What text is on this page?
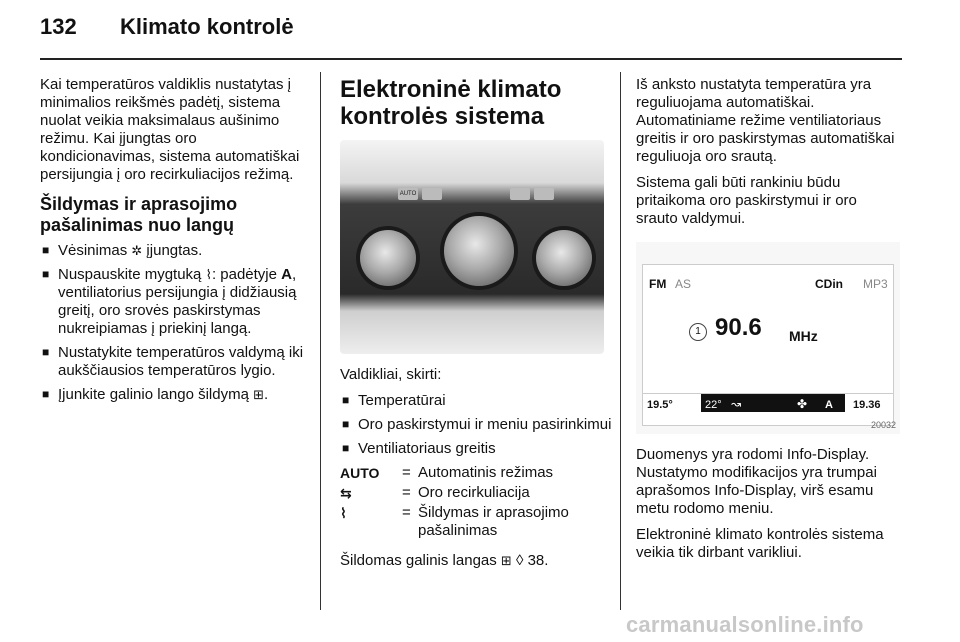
132 Klimato kontrolė

Kai temperatūros valdiklis nustatytas į minimalios reikšmės padėtį, sistema nuolat veikia maksimalaus aušinimo režimu. Kai įjungtas oro kondicionavimas, sistema automatiškai persijungia į oro recirkuliacijos režimą.

Šildymas ir aprasojimo pašalinimas nuo langų
■ Vėsinimas ✲ įjungtas.
■ Nuspauskite mygtuką ⌇: padėtyje A, ventiliatorius persijungia į didžiausią greitį, oro srovės paskirstymas nukreipiamas į priekinį langą.
■ Nustatykite temperatūros valdymą iki aukščiausios temperatūros lygio.
■ Įjunkite galinio lango šildymą ⊞.
Elektroninė klimato
kontrolės sistema
AUTO

Valdikliai, skirti:

■ Temperatūrai
■ Oro paskirstymui ir meniu pasirinkimui
■ Ventiliatoriaus greitis
AUTO	= Automatinis režimas
⇆	= Oro recirkuliacija
⌇	= Šildymas ir aprasojimo pašalinimas

Šildomas galinis langas ⊞ ◊ 38.

Iš anksto nustatyta temperatūra yra reguliuojama automatiškai. Automatiniame režime ventiliatoriaus greitis ir oro paskirstymas automatiškai reguliuoja oro srautą.

Sistema gali būti rankiniu būdu pritaikoma oro paskirstymui ir oro srauto valdymui.

FM AS	CDin MP3
1 90.6 MHz
19.5°	22° ↝	✤ A 19.36
20032

Duomenys yra rodomi Info-Display. Nustatymo modifikacijos yra trumpai aprašomos Info-Display, virš esamu metu rodomo meniu.

Elektroninė klimato kontrolės sistema veikia tik dirbant varikliui.

carmanualsonline.info
